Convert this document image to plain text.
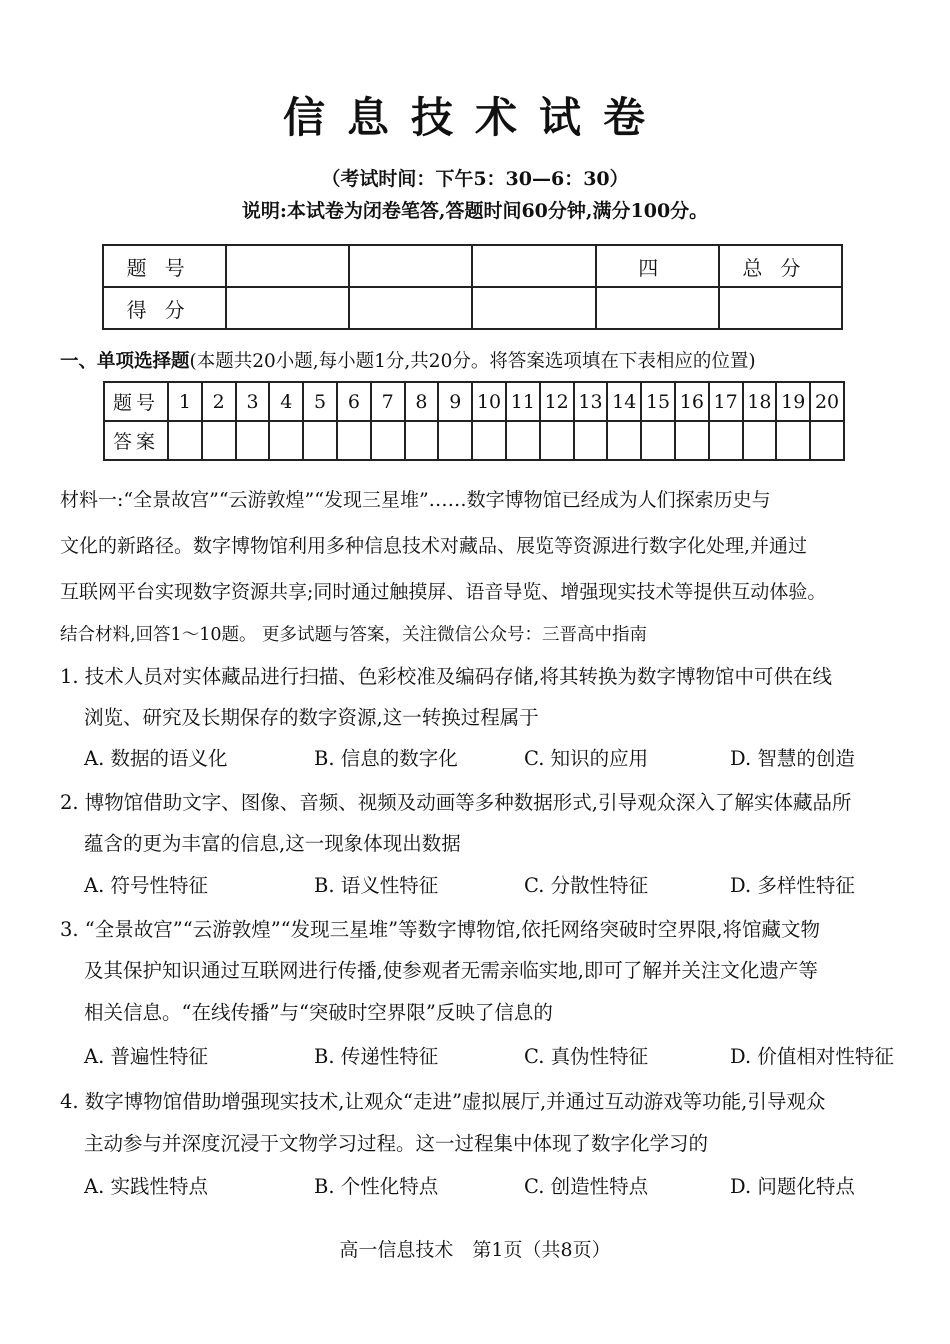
信息技术试卷
（考试时间：下午5：30—6：30）
说明:本试卷为闭卷笔答,答题时间60分钟,满分100分。
题号				四	总分
得分					
一、单项选择题(本题共20小题,每小题1分,共20分。将答案选项填在下表相应的位置)
题号	1	2	3	4	5	6	7	8	9	10	11	12	13	14	15	16	17	18	19	20
答案																				
材料一:“全景故宫”“云游敦煌”“发现三星堆”……数字博物馆已经成为人们探索历史与
文化的新路径。数字博物馆利用多种信息技术对藏品、展览等资源进行数字化处理,并通过
互联网平台实现数字资源共享;同时通过触摸屏、语音导览、增强现实技术等提供互动体验。
结合材料,回答1～10题。 更多试题与答案，关注微信公众号：三晋高中指南
1. 技术人员对实体藏品进行扫描、色彩校准及编码存储,将其转换为数字博物馆中可供在线
浏览、研究及长期保存的数字资源,这一转换过程属于
A. 数据的语义化	B. 信息的数字化	C. 知识的应用	D. 智慧的创造
2. 博物馆借助文字、图像、音频、视频及动画等多种数据形式,引导观众深入了解实体藏品所
蕴含的更为丰富的信息,这一现象体现出数据
A. 符号性特征	B. 语义性特征	C. 分散性特征	D. 多样性特征
3. “全景故宫”“云游敦煌”“发现三星堆”等数字博物馆,依托网络突破时空界限,将馆藏文物
及其保护知识通过互联网进行传播,使参观者无需亲临实地,即可了解并关注文化遗产等
相关信息。“在线传播”与“突破时空界限”反映了信息的
A. 普遍性特征	B. 传递性特征	C. 真伪性特征	D. 价值相对性特征
4. 数字博物馆借助增强现实技术,让观众“走进”虚拟展厅,并通过互动游戏等功能,引导观众
主动参与并深度沉浸于文物学习过程。这一过程集中体现了数字化学习的
A. 实践性特点	B. 个性化特点	C. 创造性特点	D. 问题化特点
高一信息技术　第1页（共8页）
